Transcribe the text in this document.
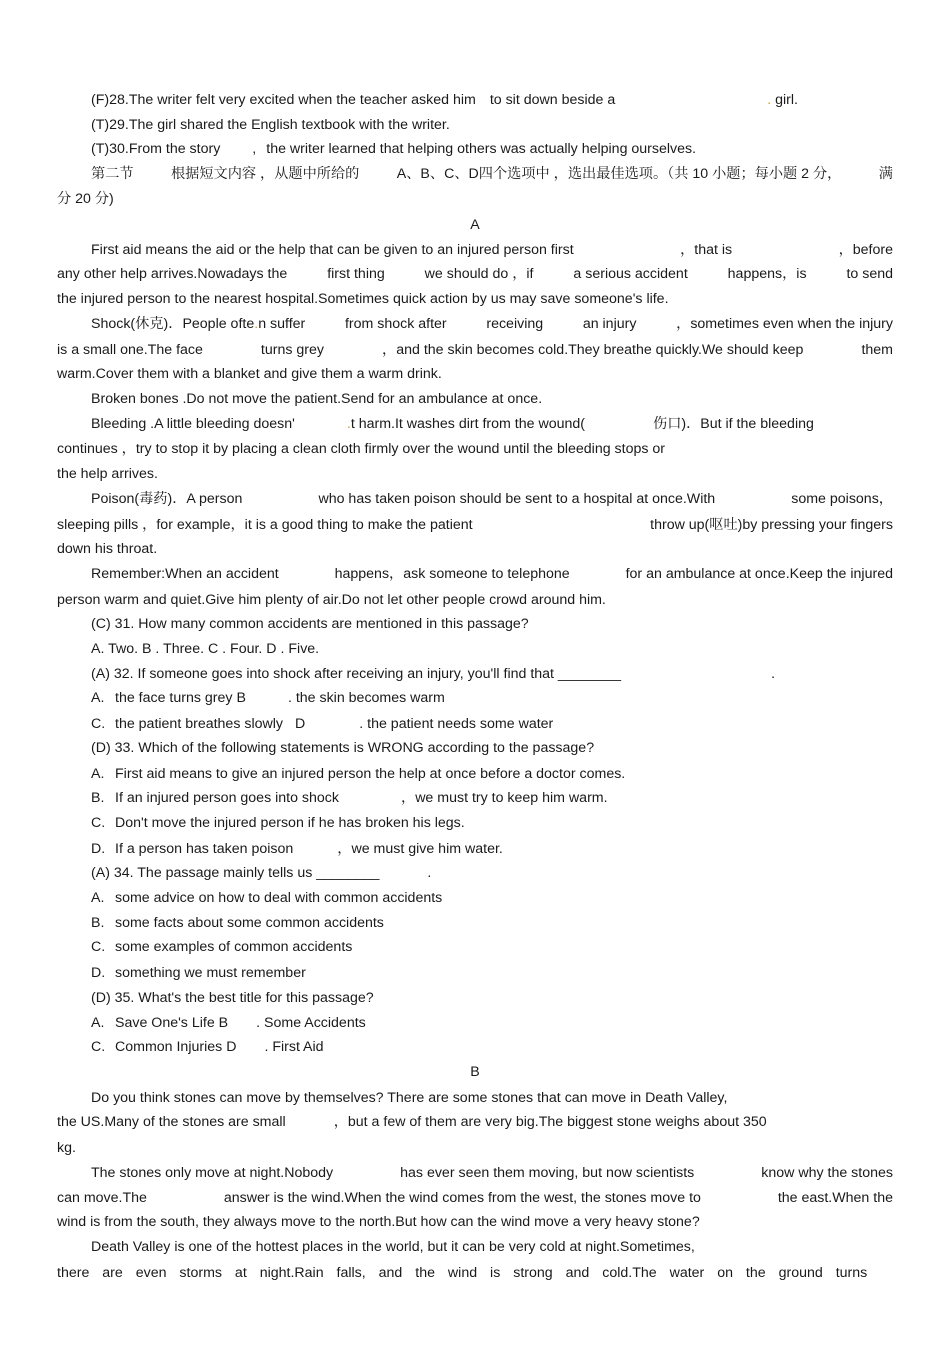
(F)28.The writer felt very excited when the teacher asked him to sit down beside a	. girl.
(T)29.The girl shared the English textbook with the writer.
(T)30.From the story , the writer learned that helping others was actually helping ourselves.
第二节	根据短文内容 ，从题中所给的	A、B、C、D四个选项中 ，选出最佳选项。（共 10 小题；每小题 2 分，	满
分 20 分)
A
First aid means the aid or the help that can be given to an injured person first	，that is	，before
any other help arrives.Nowadays the	first thing	we should do ，if	a serious accident	happens，is	to send
the injured person to the nearest hospital.Sometimes quick action by us may save someone's life.
Shock(休克)．People ofte.n suffer	from shock after	receiving	an injury	，sometimes even when the injury
is a small one.The face	turns grey	，and the skin becomes cold.They breathe quickly.We should keep	them
warm.Cover them with a blanket and give them a warm drink.
Broken bones .Do not move the patient.Send for an ambulance at once.
Bleeding .A little bleeding doesn'	.t harm.It washes dirt from the wound(	伤口)．But if the bleeding
continues ，try to stop it by placing a clean cloth firmly over the wound until the bleeding stops or
the help arrives.
Poison(毒药)．A person	who has taken poison should be sent to a hospital at once.With	some poisons，
sleeping pills ，for example，it is a good thing to make the patient	throw up(呕吐)by pressing your fingers
down his throat.
Remember:When an accident	happens，ask someone to telephone	for an ambulance at once.Keep the injured
person warm and quiet.Give him plenty of air.Do not let other people crowd around him.
(C) 31. How many common accidents are mentioned in this passage?
A. Two. B . Three. C . Four. D . Five.
(A) 32. If someone goes into shock after receiving an injury, you'll find that ________	.
A. the face turns grey B	. the skin becomes warm
C. the patient breathes slowly D	. the patient needs some water
(D) 33. Which of the following statements is WRONG according to the passage?
A. First aid means to give an injured person the help at once before a doctor comes.
B. If an injured person goes into shock	，we must try to keep him warm.
C. Don't move the injured person if he has broken his legs.
D. If a person has taken poison	，we must give him water.
(A) 34. The passage mainly tells us ________	.
A. some advice on how to deal with common accidents
B. some facts about some common accidents
C. some examples of common accidents
D. something we must remember
(D) 35. What's the best title for this passage?
A. Save One's Life B . Some Accidents
C. Common Injuries D . First Aid
B
Do you think stones can move by themselves? There are some stones that can move in Death Valley,
the US.Many of the stones are small	，but a few of them are very big.The biggest stone weighs about 350
kg.
The stones only move at night.Nobody	has ever seen them moving, but now scientists	know why the stones
can move.The	answer is the wind.When the wind comes from the west, the stones move to	the east.When the
wind is from the south, they always move to the north.But how can the wind move a very heavy stone?
Death Valley is one of the hottest places in the world, but it can be very cold at night.Sometimes,
there are even storms at night.Rain falls, and the wind is strong and cold.The water on the ground turns
